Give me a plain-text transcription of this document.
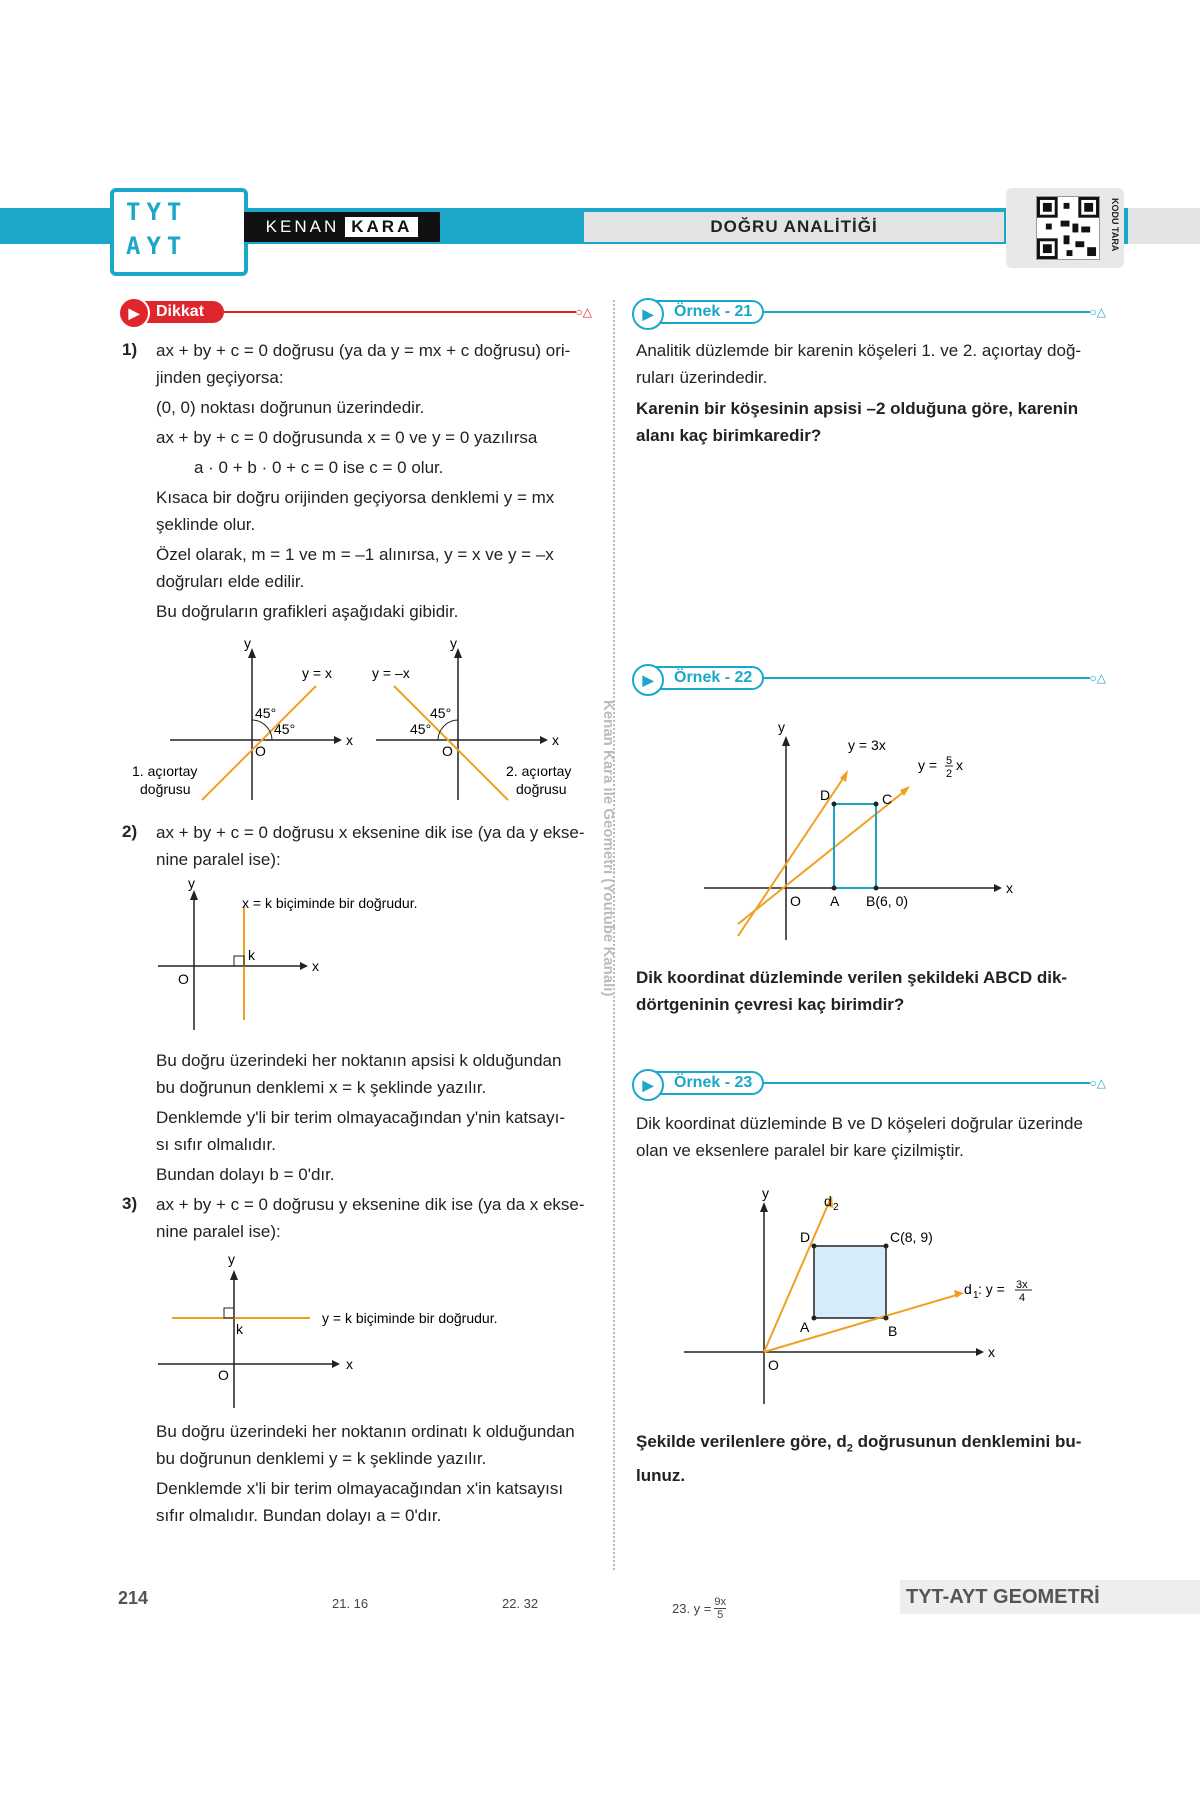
TYT
AYT
KENAN KARA	DOĞRU ANALİTİĞİ	KODU TARA
▶	Dikkat	○△
1) ax + by + c = 0 doğrusu (ya da y = mx + c doğrusu) ori-

jinden geçiyorsa:

(0, 0) noktası doğrunun üzerindedir.

ax + by + c = 0 doğrusunda x = 0 ve y = 0 yazılırsa

a · 0 + b · 0 + c = 0 ise c = 0 olur.

Kısaca bir doğru orijinden geçiyorsa denklemi y = mx

şeklinde olur.

Özel olarak, m = 1 ve m = –1 alınırsa, y = x ve y = –x

doğruları elde edilir.

Bu doğruların grafikleri aşağıdaki gibidir.

y
x
O
y = x
45°
45°
1. açıortay
doğrusu
y
x
O
y = –x
45°
45°
2. açıortay
doğrusu
2) ax + by + c = 0 doğrusu x eksenine dik ise (ya da y ekse-

nine paralel ise):

y
x
O
k
x = k biçiminde bir doğrudur.

Bu doğru üzerindeki her noktanın apsisi k olduğundan

bu doğrunun denklemi x = k şeklinde yazılır.

Denklemde y'li bir terim olmayacağından y'nin katsayı-

sı sıfır olmalıdır.

Bundan dolayı b = 0'dır.

3) ax + by + c = 0 doğrusu y eksenine dik ise (ya da x ekse-

nine paralel ise):

y
x
O
k
y = k biçiminde bir doğrudur.

Bu doğru üzerindeki her noktanın ordinatı k olduğundan

bu doğrunun denklemi y = k şeklinde yazılır.

Denklemde x'li bir terim olmayacağından x'in katsayısı

sıfır olmalıdır. Bundan dolayı a = 0'dır.

Kenan Kara ile Geometri (Youtube Kanalı)
▶	Örnek - 21	○△

Analitik düzlemde bir karenin köşeleri 1. ve 2. açıortay doğ-

ruları üzerindedir.

Karenin bir köşesinin apsisi –2 olduğuna göre, karenin

alanı kaç birimkaredir?

▶	Örnek - 22	○△
y
x
O A B(6, 0)
C
D
y = 3x
y = 5
2
x

Dik koordinat düzleminde verilen şekildeki ABCD dik-

dörtgeninin çevresi kaç birimdir?

▶	Örnek - 23	○△

Dik koordinat düzleminde B ve D köşeleri doğrular üzerinde

olan ve eksenlere paralel bir kare çizilmiştir.

y
x
O
d 2
C(8, 9)
D
A	B
d 1 : y = 3x
4

Şekilde verilenlere göre, $d_2$ doğrusunun denklemini bu-

lunuz.

214	21. 16	22. 32	23. $y = \frac{9x}{5}$	TYT-AYT GEOMETRİ
